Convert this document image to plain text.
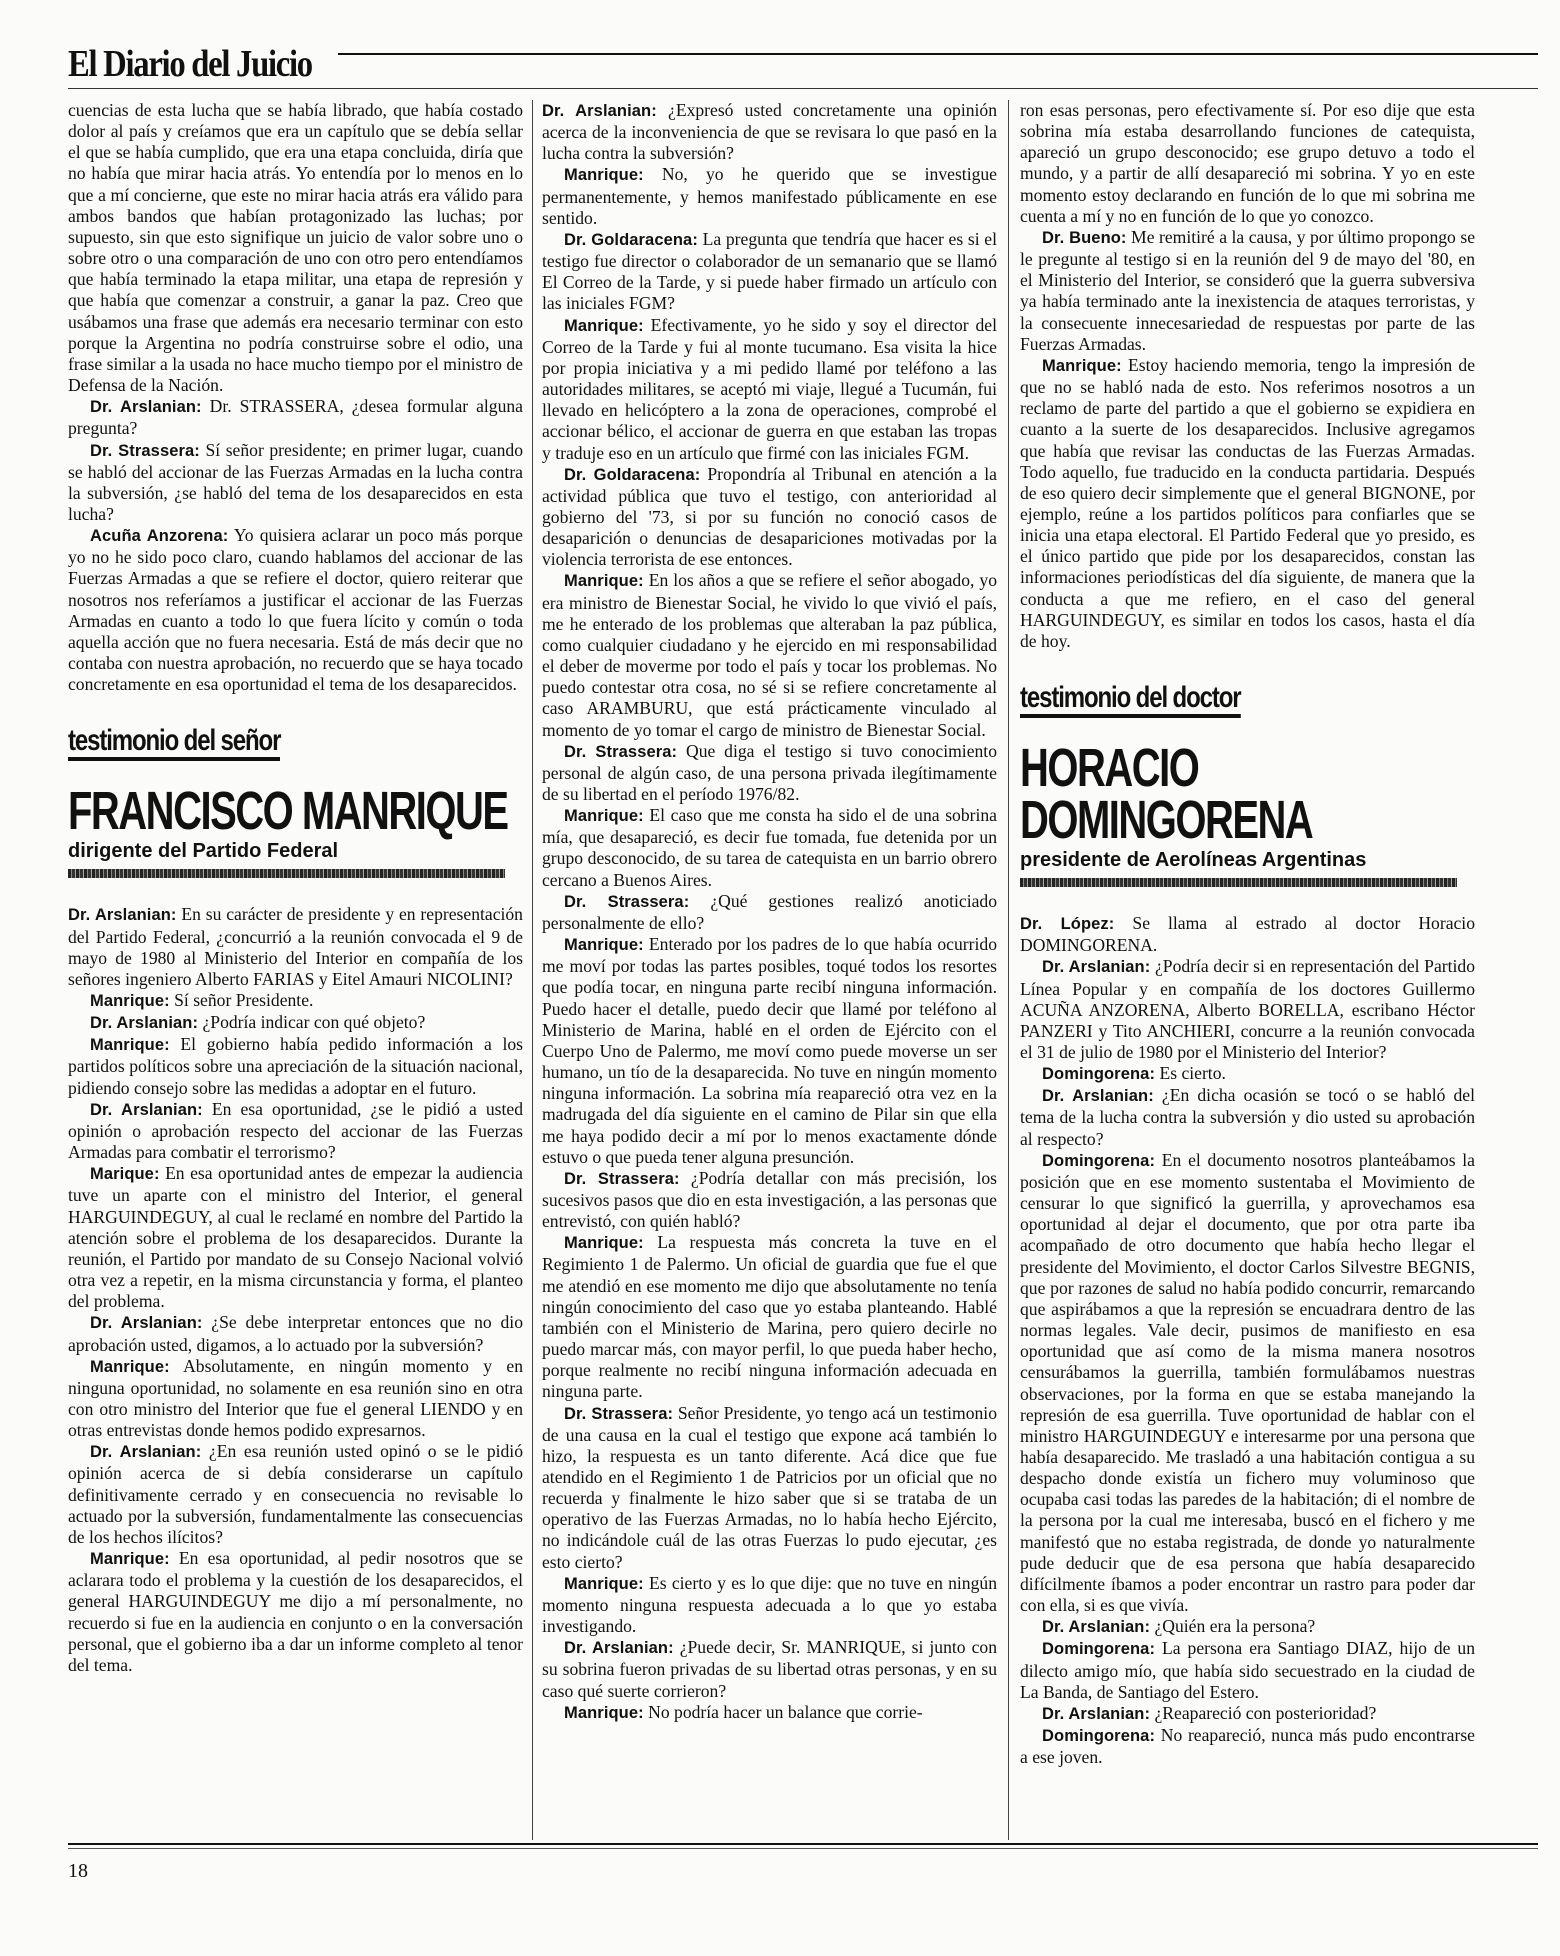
El Diario del Juicio

cuencias de esta lucha que se había librado, que había costado dolor al país y creíamos que era un capítulo que se debía sellar el que se había cumplido, que era una etapa concluida, diría que no había que mirar hacia atrás. Yo entendía por lo menos en lo que a mí concierne, que este no mirar hacia atrás era válido para ambos bandos que habían protagonizado las luchas; por supuesto, sin que esto signifique un juicio de valor sobre uno o sobre otro o una comparación de uno con otro pero entendíamos que había terminado la etapa militar, una etapa de represión y que había que comenzar a construir, a ganar la paz. Creo que usábamos una frase que además era necesario terminar con esto porque la Argentina no podría construirse sobre el odio, una frase similar a la usada no hace mucho tiempo por el ministro de Defensa de la Nación.

Dr. Arslanian: Dr. STRASSERA, ¿desea formular alguna pregunta?

Dr. Strassera: Sí señor presidente; en primer lugar, cuando se habló del accionar de las Fuerzas Armadas en la lucha contra la subversión, ¿se habló del tema de los desaparecidos en esta lucha?

Acuña Anzorena: Yo quisiera aclarar un poco más porque yo no he sido poco claro, cuando hablamos del accionar de las Fuerzas Armadas a que se refiere el doctor, quiero reiterar que nosotros nos referíamos a justificar el accionar de las Fuerzas Armadas en cuanto a todo lo que fuera lícito y común o toda aquella acción que no fuera necesaria. Está de más decir que no contaba con nuestra aprobación, no recuerdo que se haya tocado concretamente en esa oportunidad el tema de los desaparecidos.

testimonio del señor
FRANCISCO MANRIQUE
dirigente del Partido Federal

Dr. Arslanian: En su carácter de presidente y en representación del Partido Federal, ¿concurrió a la reunión convocada el 9 de mayo de 1980 al Ministerio del Interior en compañía de los señores ingeniero Alberto FARIAS y Eitel Amauri NICOLINI?

Manrique: Sí señor Presidente.

Dr. Arslanian: ¿Podría indicar con qué objeto?

Manrique: El gobierno había pedido información a los partidos políticos sobre una apreciación de la situación nacional, pidiendo consejo sobre las medidas a adoptar en el futuro.

Dr. Arslanian: En esa oportunidad, ¿se le pidió a usted opinión o aprobación respecto del accionar de las Fuerzas Armadas para combatir el terrorismo?

Marique: En esa oportunidad antes de empezar la audiencia tuve un aparte con el ministro del Interior, el general HARGUINDEGUY, al cual le reclamé en nombre del Partido la atención sobre el problema de los desaparecidos. Durante la reunión, el Partido por mandato de su Consejo Nacional volvió otra vez a repetir, en la misma circunstancia y forma, el planteo del problema.

Dr. Arslanian: ¿Se debe interpretar entonces que no dio aprobación usted, digamos, a lo actuado por la subversión?

Manrique: Absolutamente, en ningún momento y en ninguna oportunidad, no solamente en esa reunión sino en otra con otro ministro del Interior que fue el general LIENDO y en otras entrevistas donde hemos podido expresarnos.

Dr. Arslanian: ¿En esa reunión usted opinó o se le pidió opinión acerca de si debía considerarse un capítulo definitivamente cerrado y en consecuencia no revisable lo actuado por la subversión, fundamentalmente las consecuencias de los hechos ilícitos?

Manrique: En esa oportunidad, al pedir nosotros que se aclarara todo el problema y la cuestión de los desaparecidos, el general HARGUINDEGUY me dijo a mí personalmente, no recuerdo si fue en la audiencia en conjunto o en la conversación personal, que el gobierno iba a dar un informe completo al tenor del tema.

Dr. Arslanian: ¿Expresó usted concretamente una opinión acerca de la inconveniencia de que se revisara lo que pasó en la lucha contra la subversión?

Manrique: No, yo he querido que se investigue permanentemente, y hemos manifestado públicamente en ese sentido.

Dr. Goldaracena: La pregunta que tendría que hacer es si el testigo fue director o colaborador de un semanario que se llamó El Correo de la Tarde, y si puede haber firmado un artículo con las iniciales FGM?

Manrique: Efectivamente, yo he sido y soy el director del Correo de la Tarde y fui al monte tucumano. Esa visita la hice por propia iniciativa y a mi pedido llamé por teléfono a las autoridades militares, se aceptó mi viaje, llegué a Tucumán, fui llevado en helicóptero a la zona de operaciones, comprobé el accionar bélico, el accionar de guerra en que estaban las tropas y traduje eso en un artículo que firmé con las iniciales FGM.

Dr. Goldaracena: Propondría al Tribunal en atención a la actividad pública que tuvo el testigo, con anterioridad al gobierno del '73, si por su función no conoció casos de desaparición o denuncias de desapariciones motivadas por la violencia terrorista de ese entonces.

Manrique: En los años a que se refiere el señor abogado, yo era ministro de Bienestar Social, he vivido lo que vivió el país, me he enterado de los problemas que alteraban la paz pública, como cualquier ciudadano y he ejercido en mi responsabilidad el deber de moverme por todo el país y tocar los problemas. No puedo contestar otra cosa, no sé si se refiere concretamente al caso ARAMBURU, que está prácticamente vinculado al momento de yo tomar el cargo de ministro de Bienestar Social.

Dr. Strassera: Que diga el testigo si tuvo conocimiento personal de algún caso, de una persona privada ilegítimamente de su libertad en el período 1976/82.

Manrique: El caso que me consta ha sido el de una sobrina mía, que desapareció, es decir fue tomada, fue detenida por un grupo desconocido, de su tarea de catequista en un barrio obrero cercano a Buenos Aires.

Dr. Strassera: ¿Qué gestiones realizó anoticiado personalmente de ello?

Manrique: Enterado por los padres de lo que había ocurrido me moví por todas las partes posibles, toqué todos los resortes que podía tocar, en ninguna parte recibí ninguna información. Puedo hacer el detalle, puedo decir que llamé por teléfono al Ministerio de Marina, hablé en el orden de Ejército con el Cuerpo Uno de Palermo, me moví como puede moverse un ser humano, un tío de la desaparecida. No tuve en ningún momento ninguna información. La sobrina mía reapareció otra vez en la madrugada del día siguiente en el camino de Pilar sin que ella me haya podido decir a mí por lo menos exactamente dónde estuvo o que pueda tener alguna presunción.

Dr. Strassera: ¿Podría detallar con más precisión, los sucesivos pasos que dio en esta investigación, a las personas que entrevistó, con quién habló?

Manrique: La respuesta más concreta la tuve en el Regimiento 1 de Palermo. Un oficial de guardia que fue el que me atendió en ese momento me dijo que absolutamente no tenía ningún conocimiento del caso que yo estaba planteando. Hablé también con el Ministerio de Marina, pero quiero decirle no puedo marcar más, con mayor perfil, lo que pueda haber hecho, porque realmente no recibí ninguna información adecuada en ninguna parte.

Dr. Strassera: Señor Presidente, yo tengo acá un testimonio de una causa en la cual el testigo que expone acá también lo hizo, la respuesta es un tanto diferente. Acá dice que fue atendido en el Regimiento 1 de Patricios por un oficial que no recuerda y finalmente le hizo saber que si se trataba de un operativo de las Fuerzas Armadas, no lo había hecho Ejército, no indicándole cuál de las otras Fuerzas lo pudo ejecutar, ¿es esto cierto?

Manrique: Es cierto y es lo que dije: que no tuve en ningún momento ninguna respuesta adecuada a lo que yo estaba investigando.

Dr. Arslanian: ¿Puede decir, Sr. MANRIQUE, si junto con su sobrina fueron privadas de su libertad otras personas, y en su caso qué suerte corrieron?

Manrique: No podría hacer un balance que corrie-

ron esas personas, pero efectivamente sí. Por eso dije que esta sobrina mía estaba desarrollando funciones de catequista, apareció un grupo desconocido; ese grupo detuvo a todo el mundo, y a partir de allí desapareció mi sobrina. Y yo en este momento estoy declarando en función de lo que mi sobrina me cuenta a mí y no en función de lo que yo conozco.

Dr. Bueno: Me remitiré a la causa, y por último propongo se le pregunte al testigo si en la reunión del 9 de mayo del '80, en el Ministerio del Interior, se consideró que la guerra subversiva ya había terminado ante la inexistencia de ataques terroristas, y la consecuente innecesariedad de respuestas por parte de las Fuerzas Armadas.

Manrique: Estoy haciendo memoria, tengo la impresión de que no se habló nada de esto. Nos referimos nosotros a un reclamo de parte del partido a que el gobierno se expidiera en cuanto a la suerte de los desaparecidos. Inclusive agregamos que había que revisar las conductas de las Fuerzas Armadas. Todo aquello, fue traducido en la conducta partidaria. Después de eso quiero decir simplemente que el general BIGNONE, por ejemplo, reúne a los partidos políticos para confiarles que se inicia una etapa electoral. El Partido Federal que yo presido, es el único partido que pide por los desaparecidos, constan las informaciones periodísticas del día siguiente, de manera que la conducta a que me refiero, en el caso del general HARGUINDEGUY, es similar en todos los casos, hasta el día de hoy.

testimonio del doctor
HORACIO
DOMINGORENA
presidente de Aerolíneas Argentinas

Dr. López: Se llama al estrado al doctor Horacio DOMINGORENA.

Dr. Arslanian: ¿Podría decir si en representación del Partido Línea Popular y en compañía de los doctores Guillermo ACUÑA ANZORENA, Alberto BORELLA, escribano Héctor PANZERI y Tito ANCHIERI, concurre a la reunión convocada el 31 de julio de 1980 por el Ministerio del Interior?

Domingorena: Es cierto.

Dr. Arslanian: ¿En dicha ocasión se tocó o se habló del tema de la lucha contra la subversión y dio usted su aprobación al respecto?

Domingorena: En el documento nosotros planteábamos la posición que en ese momento sustentaba el Movimiento de censurar lo que significó la guerrilla, y aprovechamos esa oportunidad al dejar el documento, que por otra parte iba acompañado de otro documento que había hecho llegar el presidente del Movimiento, el doctor Carlos Silvestre BEGNIS, que por razones de salud no había podido concurrir, remarcando que aspirábamos a que la represión se encuadrara dentro de las normas legales. Vale decir, pusimos de manifiesto en esa oportunidad que así como de la misma manera nosotros censurábamos la guerrilla, también formulábamos nuestras observaciones, por la forma en que se estaba manejando la represión de esa guerrilla. Tuve oportunidad de hablar con el ministro HARGUINDEGUY e interesarme por una persona que había desaparecido. Me trasladó a una habitación contigua a su despacho donde existía un fichero muy voluminoso que ocupaba casi todas las paredes de la habitación; di el nombre de la persona por la cual me interesaba, buscó en el fichero y me manifestó que no estaba registrada, de donde yo naturalmente pude deducir que de esa persona que había desaparecido difícilmente íbamos a poder encontrar un rastro para poder dar con ella, si es que vivía.

Dr. Arslanian: ¿Quién era la persona?

Domingorena: La persona era Santiago DIAZ, hijo de un dilecto amigo mío, que había sido secuestrado en la ciudad de La Banda, de Santiago del Estero.

Dr. Arslanian: ¿Reapareció con posterioridad?

Domingorena: No reapareció, nunca más pudo encontrarse a ese joven.

18
